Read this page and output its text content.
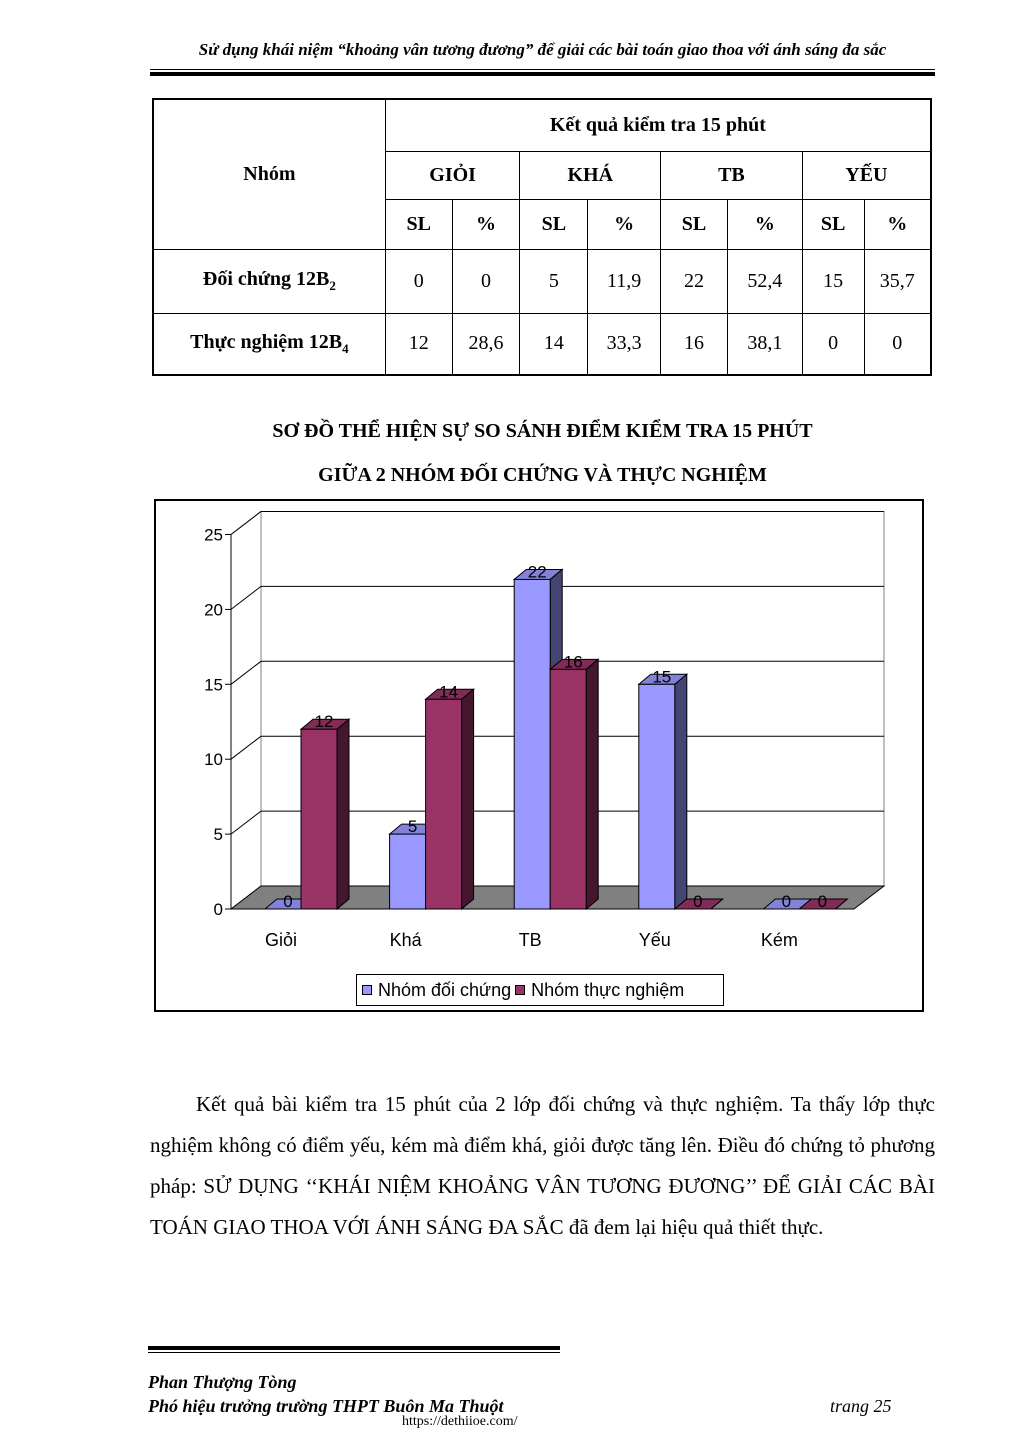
Sử dụng khái niệm “khoảng vân tương đương” để giải các bài toán giao thoa với ánh sáng đa sắc
Nhóm	Kết quả kiểm tra 15 phút							
	GIỎI		KHÁ		TB		YẾU	
	SL	%	SL	%	SL	%	SL	%
Đối chứng $12B_2$	0	0	5	11,9	22	52,4	15	35,7
Thực nghiệm $12B_4$	12	28,6	14	33,3	16	38,1	0	0
SƠ ĐỒ THỂ HIỆN SỰ SO SÁNH ĐIỂM KIỂM TRA 15 PHÚT
GIỮA 2 NHÓM ĐỐI CHỨNG VÀ THỰC NGHIỆM
0
5
10
15
20
25
0
12
5
14
22
16
15
0	0 0
Giỏi	Khá	TB	Yếu	Kém
Nhóm đối chứng Nhóm thực nghiệm
Kết quả bài kiểm tra 15 phút của 2 lớp đối chứng và thực nghiệm. Ta thấy lớp thực nghiệm không có điểm yếu, kém mà điểm khá, giỏi được tăng lên. Điều đó chứng tỏ phương pháp: SỬ DỤNG ‘‘KHÁI NIỆM KHOẢNG VÂN TƯƠNG ĐƯƠNG’’ ĐỂ GIẢI CÁC BÀI TOÁN GIAO THOA VỚI ÁNH SÁNG ĐA SẮC đã đem lại hiệu quả thiết thực.
Phan Thượng Tòng
Phó hiệu trưởng trường THPT Buôn Ma Thuột	trang 25
https://dethiioe.com/
